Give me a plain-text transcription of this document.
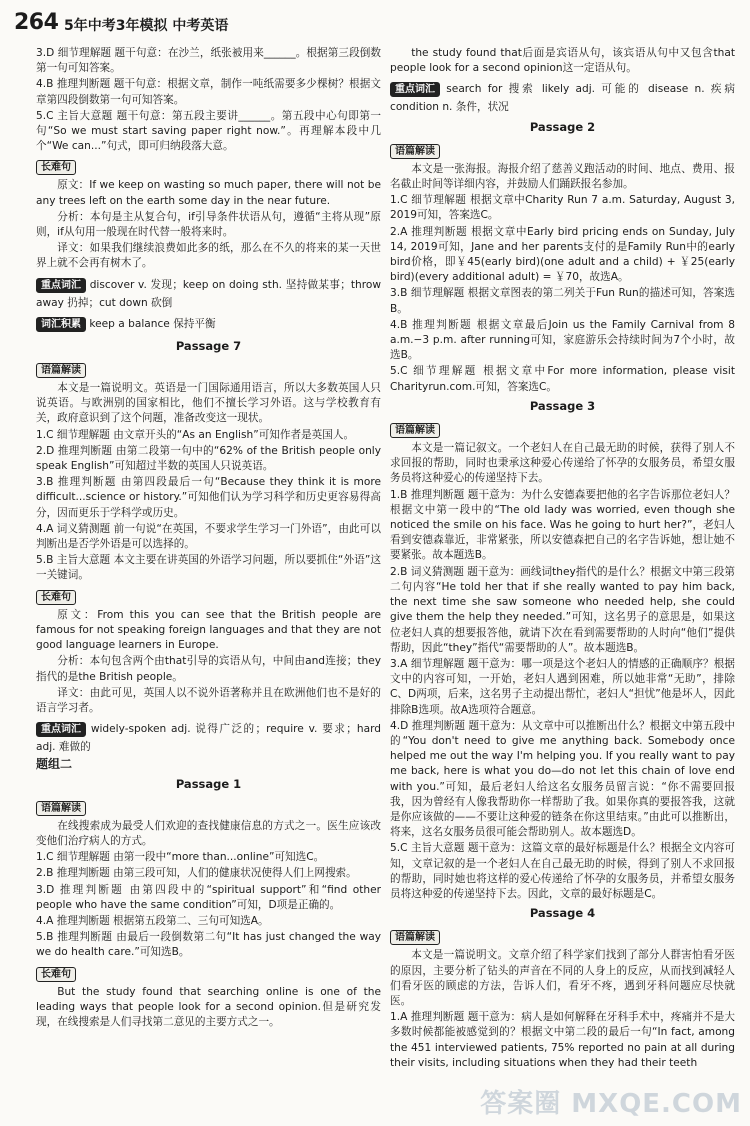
264 5年中考3年模拟 中考英语

3.D 细节理解题 题干句意：在沙兰，纸张被用来______。根据第三段倒数第一句可知答案。

4.B 推理判断题 题干句意：根据文章，制作一吨纸需要多少棵树？根据文章第四段倒数第一句可知答案。

5.C 主旨大意题 题干句意：第五段主要讲______。第五段中心句即第一句“So we must start saving paper right now.”。再理解本段中几个“We can...”句式，即可归纳段落大意。

长难句

原文：If we keep on wasting so much paper, there will not be any trees left on the earth some day in the near future.

分析：本句是主从复合句，if引导条件状语从句，遵循“主将从现”原则，if从句用一般现在时代替一般将来时。

译文：如果我们继续浪费如此多的纸，那么在不久的将来的某一天世界上就不会再有树木了。

重点词汇 discover v. 发现；keep on doing sth. 坚持做某事；throw away 扔掉；cut down 砍倒

词汇积累 keep a balance 保持平衡

Passage 7
语篇解读

本文是一篇说明文。英语是一门国际通用语言，所以大多数英国人只说英语。与欧洲别的国家相比，他们不擅长学习外语。这与学校教育有关，政府意识到了这个问题，准备改变这一现状。

1.C 细节理解题 由文章开头的“As an English”可知作者是英国人。

2.D 推理判断题 由第二段第一句中的“62% of the British people only speak English”可知超过半数的英国人只说英语。

3.B 推理判断题 由第四段最后一句“Because they think it is more difficult...science or history.”可知他们认为学习科学和历史更容易得高分，因而更乐于学科学或历史。

4.A 词义猜测题 前一句说“在英国，不要求学生学习一门外语”，由此可以判断出是否学外语是可以选择的。

5.B 主旨大意题 本文主要在讲英国的外语学习问题，所以要抓住“外语”这一关键词。

长难句

原文：From this you can see that the British people are famous for not speaking foreign languages and that they are not good language learners in Europe.

分析：本句包含两个由that引导的宾语从句，中间由and连接；they指代的是the British people。

译文：由此可见，英国人以不说外语著称并且在欧洲他们也不是好的语言学习者。

重点词汇 widely-spoken adj. 说得广泛的；require v. 要求；hard adj. 难做的

题组二
Passage 1
语篇解读

在线搜索成为最受人们欢迎的查找健康信息的方式之一。医生应该改变他们治疗病人的方式。

1.C 细节理解题 由第一段中“more than...online”可知选C。

2.B 推理判断题 由第三段可知，人们的健康状况使得人们上网搜索。

3.D 推理判断题 由第四段中的“spiritual support”和“find other people who have the same condition”可知，D项是正确的。

4.A 推理判断题 根据第五段第二、三句可知选A。

5.B 推理判断题 由最后一段倒数第二句“It has just changed the way we do health care.”可知选B。

长难句

But the study found that searching online is one of the leading ways that people look for a second opinion.但是研究发现，在线搜索是人们寻找第二意见的主要方式之一。

the study found that后面是宾语从句，该宾语从句中又包含that people look for a second opinion这一定语从句。

重点词汇 search for 搜索 likely adj. 可能的 disease n. 疾病 condition n. 条件，状况

Passage 2
语篇解读

本文是一张海报。海报介绍了慈善义跑活动的时间、地点、费用、报名截止时间等详细内容，并鼓励人们踊跃报名参加。

1.C 细节理解题 根据文章中Charity Run 7 a.m. Saturday, August 3, 2019可知，答案选C。

2.A 推理判断题 根据文章中Early bird pricing ends on Sunday, July 14, 2019可知，Jane and her parents支付的是Family Run中的early bird价格，即￥45(early bird)(one adult and a child) + ￥25(early bird)(every additional adult) = ￥70，故选A。

3.B 细节理解题 根据文章图表的第二列关于Fun Run的描述可知，答案选B。

4.B 推理判断题 根据文章最后Join us the Family Carnival from 8 a.m.−3 p.m. after running可知，家庭游乐会持续时间为7个小时，故选B。

5.C 细节理解题 根据文章中For more information, please visit Charityrun.com.可知，答案选C。

Passage 3
语篇解读

本文是一篇记叙文。一个老妇人在自己最无助的时候，获得了别人不求回报的帮助，同时也秉承这种爱心传递给了怀孕的女服务员，希望女服务员将这种爱心的传递坚持下去。

1.B 推理判断题 题干意为：为什么安德森要把他的名字告诉那位老妇人？根据文中第一段中的“The old lady was worried, even though she noticed the smile on his face. Was he going to hurt her?”，老妇人看到安德森靠近，非常紧张，所以安德森把自己的名字告诉她，想让她不要紧张。故本题选B。

2.B 词义猜测题 题干意为：画线词they指代的是什么？根据文中第三段第二句内容“He told her that if she really wanted to pay him back, the next time she saw someone who needed help, she could give them the help they needed.”可知，这名男子的意思是，如果这位老妇人真的想要报答他，就请下次在看到需要帮助的人时向“他们”提供帮助，因此“they”指代“需要帮助的人”。故本题选B。

3.A 细节理解题 题干意为：哪一项是这个老妇人的情感的正确顺序？根据文中的内容可知，一开始，老妇人遇到困难，所以她非常“无助”，排除C、D两项，后来，这名男子主动提出帮忙，老妇人“担忧”他是坏人，因此排除B选项。故A选项符合题意。

4.D 推理判断题 题干意为：从文章中可以推断出什么？根据文中第五段中的“You don't need to give me anything back. Somebody once helped me out the way I'm helping you. If you really want to pay me back, here is what you do—do not let this chain of love end with you.”可知，最后老妇人给这名女服务员留言说：“你不需要回报我，因为曾经有人像我帮助你一样帮助了我。如果你真的要报答我，这就是你应该做的——不要让这种爱的链条在你这里结束。”由此可以推断出，将来，这名女服务员很可能会帮助别人。故本题选D。

5.C 主旨大意题 题干意为：这篇文章的最好标题是什么？根据全文内容可知，文章记叙的是一个老妇人在自己最无助的时候，得到了别人不求回报的帮助，同时她也将这样的爱心传递给了怀孕的女服务员，并希望女服务员将这种爱的传递坚持下去。因此，文章的最好标题是C。

Passage 4
语篇解读

本文是一篇说明文。文章介绍了科学家们找到了部分人群害怕看牙医的原因，主要分析了钻头的声音在不同的人身上的反应，从而找到减轻人们看牙医的顾虑的方法，告诉人们，看牙不疼，遇到牙科问题应尽快就医。

1.A 推理判断题 题干意为：病人是如何解释在牙科手术中，疼痛并不是大多数时候都能被感觉到的？根据文中第二段的最后一句“In fact, among the 451 interviewed patients, 75% reported no pain at all during their visits, including situations when they had their teeth

答案圈 MXQE.COM
